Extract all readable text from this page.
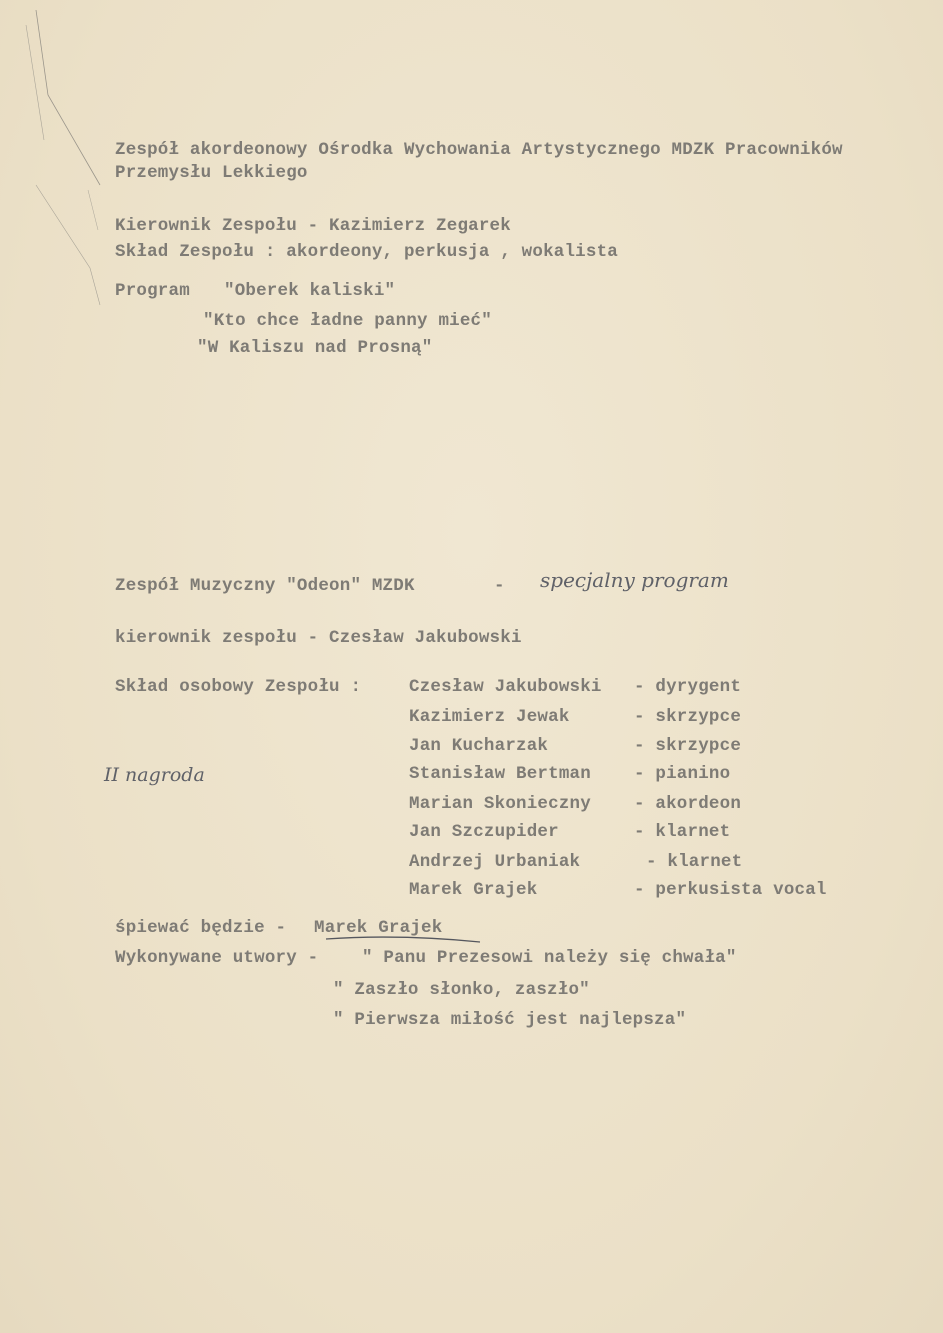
Zespół akordeonowy Ośrodka Wychowania Artystycznego MDZK Pracowników
Przemysłu Lekkiego
Kierownik Zespołu - Kazimierz Zegarek
Skład Zespołu : akordeony, perkusja , wokalista
Program "Oberek kaliski"
"Kto chce ładne panny mieć"
"W Kaliszu nad Prosną"
Zespół Muzyczny "Odeon" MZDK	- specjalny program
kierownik zespołu - Czesław Jakubowski
Skład osobowy Zespołu :	Czesław Jakubowski - dyrygent
Kazimierz Jewak	- skrzypce
Jan Kucharzak	- skrzypce
Stanisław Bertman - pianino
Marian Skonieczny - akordeon
Jan Szczupider	- klarnet
Andrzej Urbaniak	- klarnet
Marek Grajek	- perkusista vocal
II nagroda
śpiewać będzie - Marek Grajek
Wykonywane utwory - " Panu Prezesowi należy się chwała"
" Zaszło słonko, zaszło"
" Pierwsza miłość jest najlepsza"
